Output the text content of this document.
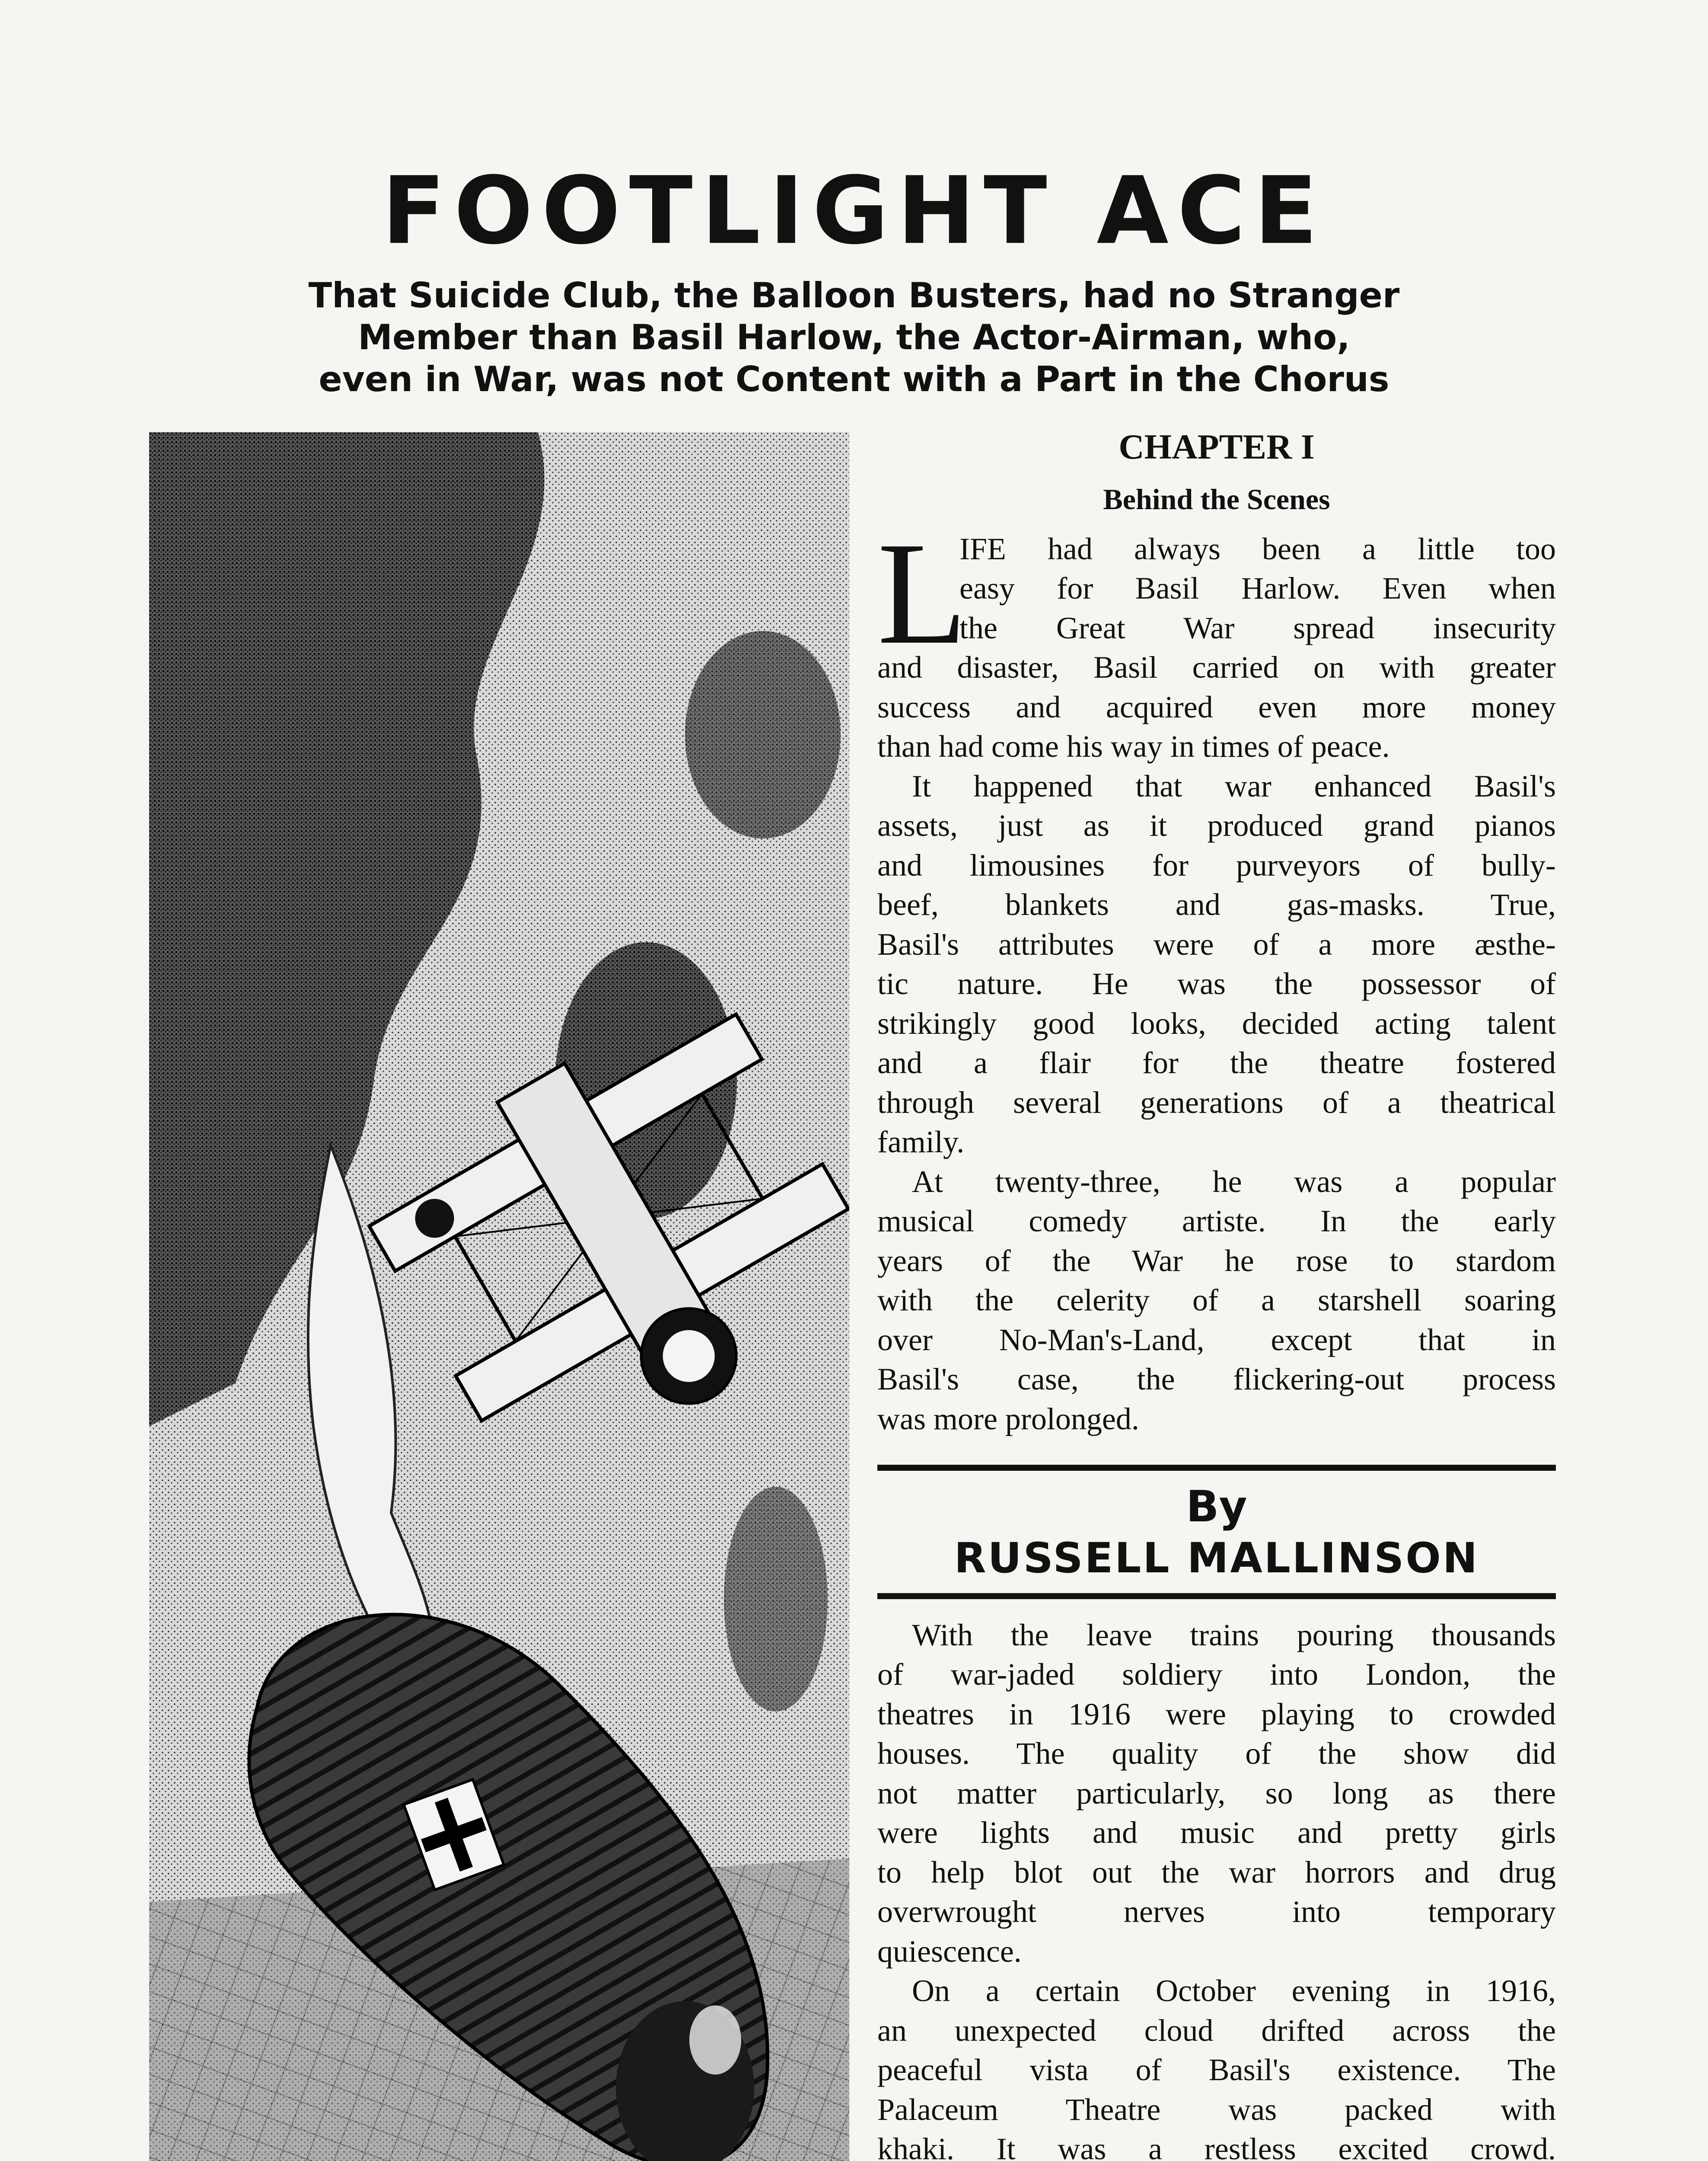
FOOTLIGHT ACE
That Suicide Club, the Balloon Busters, had no Stranger
Member than Basil Harlow, the Actor-Airman, who,
even in War, was not Content with a Part in the Chorus

CHAPTER I

Behind the Scenes

L

IFE had always been a little too
easy for Basil Harlow. Even when
the Great War spread insecurity
and disaster, Basil carried on with greater
success and acquired even more money
than had come his way in times of peace.

It happened that war enhanced Basil's
assets, just as it produced grand pianos
and limousines for purveyors of bully-
beef, blankets and gas-masks. True,
Basil's attributes were of a more æsthe-
tic nature. He was the possessor of
strikingly good looks, decided acting talent
and a flair for the theatre fostered
through several generations of a theatrical
family.

At twenty-three, he was a popular
musical comedy artiste. In the early
years of the War he rose to stardom
with the celerity of a starshell soaring
over No-Man's-Land, except that in
Basil's case, the flickering-out process
was more prolonged.

By

RUSSELL MALLINSON

With the leave trains pouring thousands
of war-jaded soldiery into London, the
theatres in 1916 were playing to crowded
houses. The quality of the show did
not matter particularly, so long as there
were lights and music and pretty girls
to help blot out the war horrors and drug
overwrought nerves into temporary
quiescence.

On a certain October evening in 1916,
an unexpected cloud drifted across the
peaceful vista of Basil's existence. The
Palaceum Theatre was packed with
khaki. It was a restless excited crowd.
